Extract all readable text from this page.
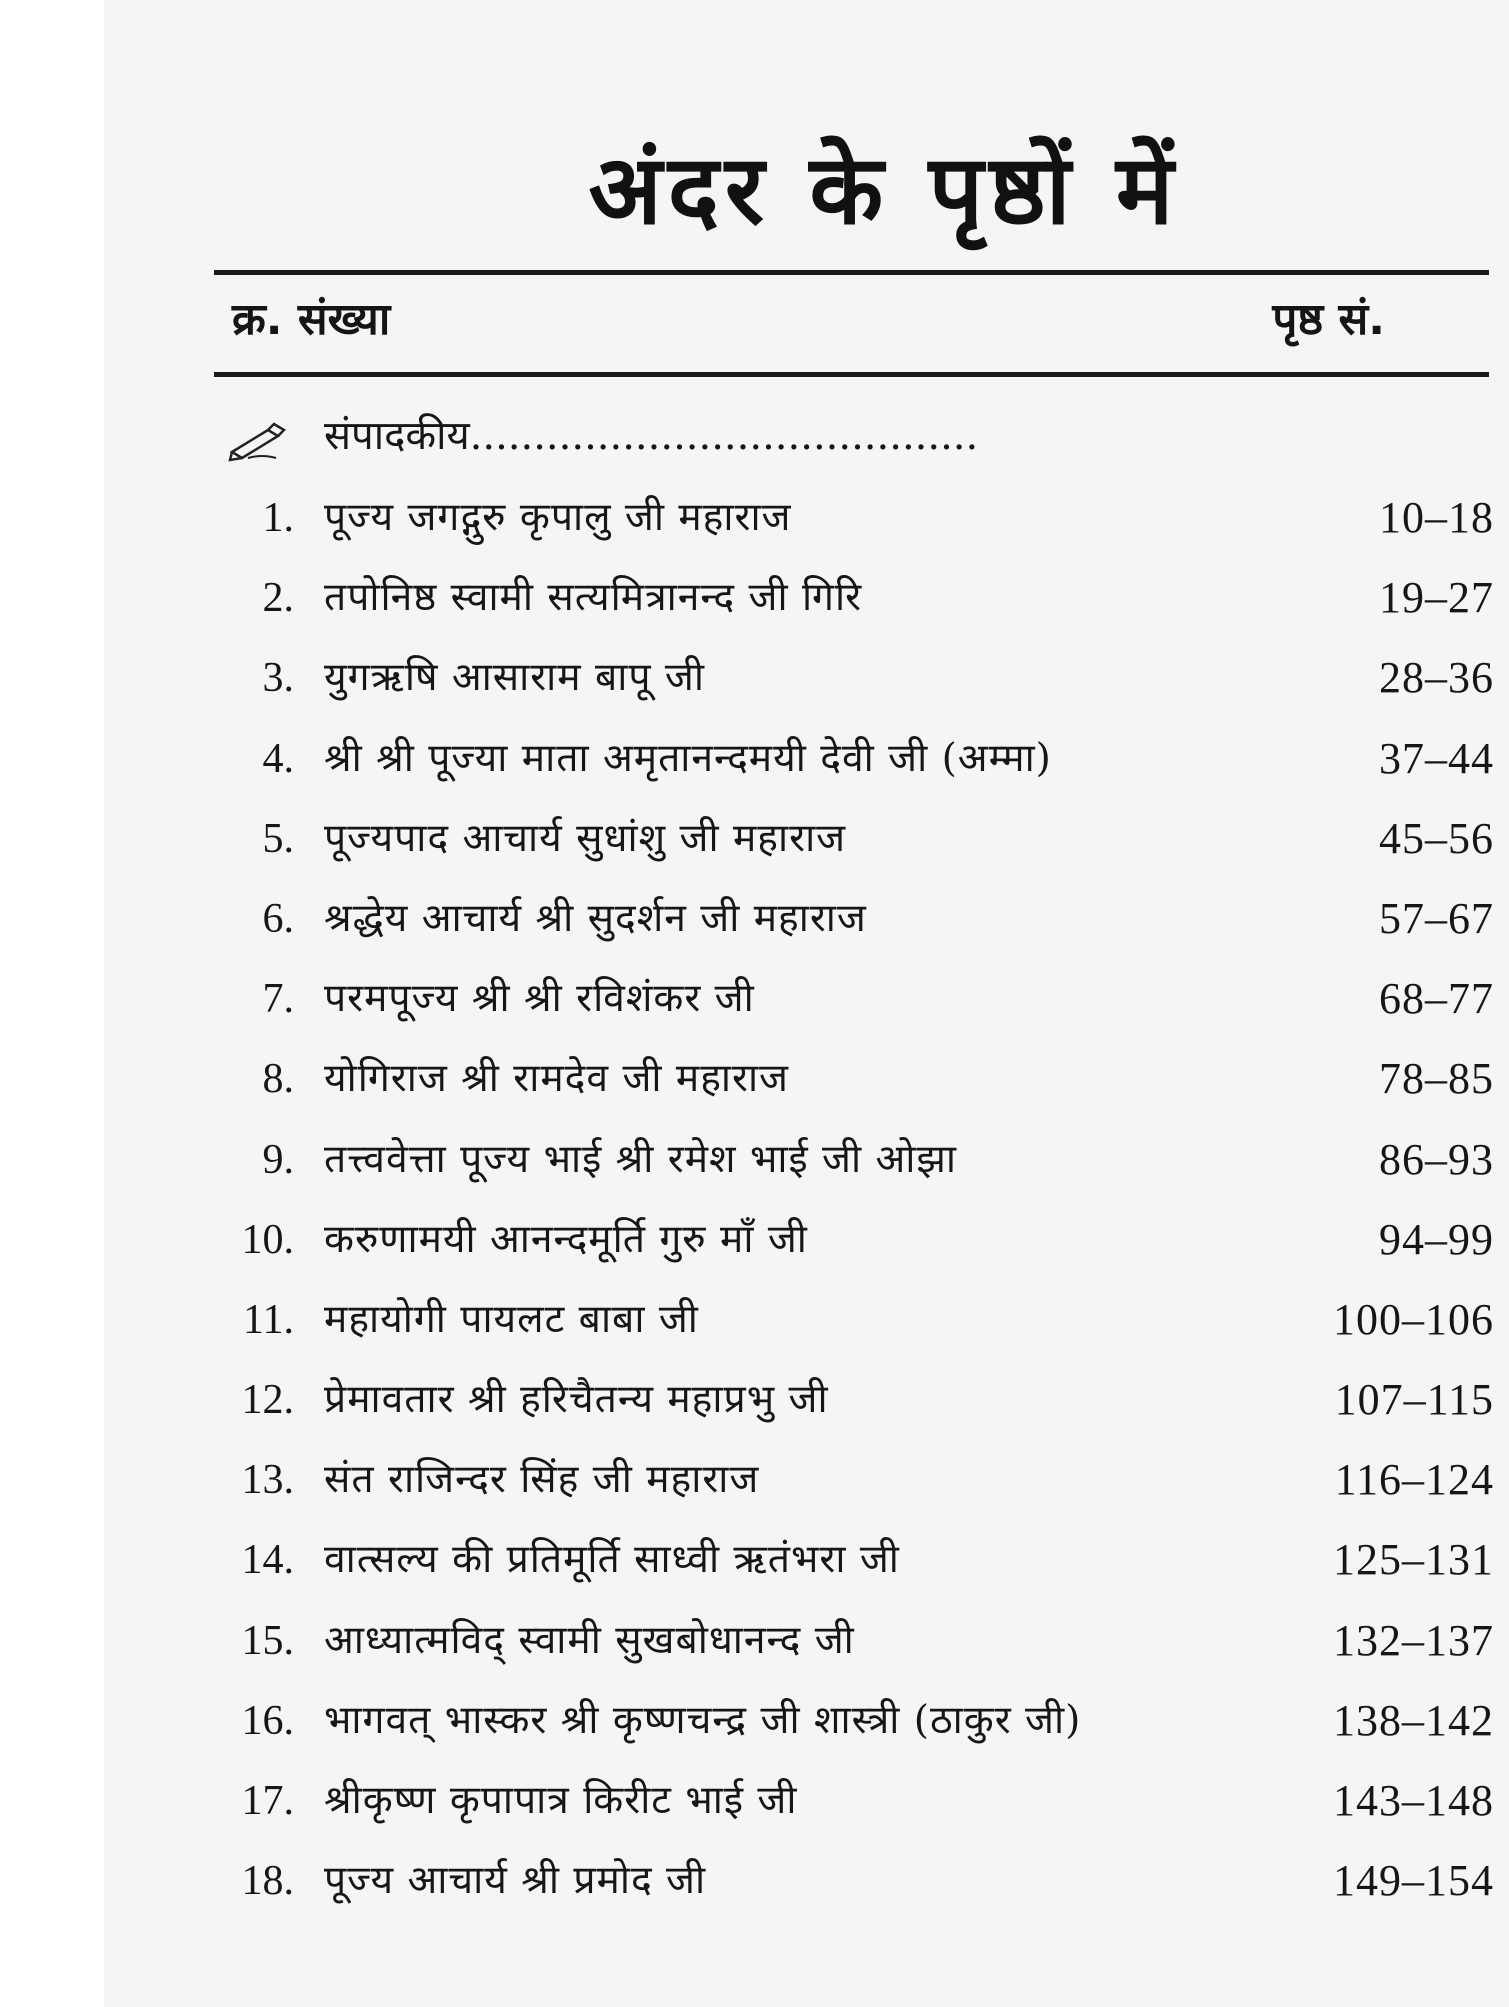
अंदर के पृष्ठों में
क्र. संख्या	पृष्ठ सं.
संपादकीय........................................
1. पूज्य जगद्गुरु कृपालु जी महाराज	10–18
2. तपोनिष्ठ स्वामी सत्यमित्रानन्द जी गिरि	19–27
3. युगऋषि आसाराम बापू जी	28–36
4. श्री श्री पूज्या माता अमृतानन्दमयी देवी जी (अम्मा)	37–44
5. पूज्यपाद आचार्य सुधांशु जी महाराज	45–56
6. श्रद्धेय आचार्य श्री सुदर्शन जी महाराज	57–67
7. परमपूज्य श्री श्री रविशंकर जी	68–77
8. योगिराज श्री रामदेव जी महाराज	78–85
9. तत्त्ववेत्ता पूज्य भाई श्री रमेश भाई जी ओझा	86–93
10. करुणामयी आनन्दमूर्ति गुरु माँ जी	94–99
11. महायोगी पायलट बाबा जी	100–106
12. प्रेमावतार श्री हरिचैतन्य महाप्रभु जी	107–115
13. संत राजिन्दर सिंह जी महाराज	116–124
14. वात्सल्य की प्रतिमूर्ति साध्वी ऋतंभरा जी	125–131
15. आध्यात्मविद् स्वामी सुखबोधानन्द जी	132–137
16. भागवत् भास्कर श्री कृष्णचन्द्र जी शास्त्री (ठाकुर जी)	138–142
17. श्रीकृष्ण कृपापात्र किरीट भाई जी	143–148
18. पूज्य आचार्य श्री प्रमोद जी	149–154
